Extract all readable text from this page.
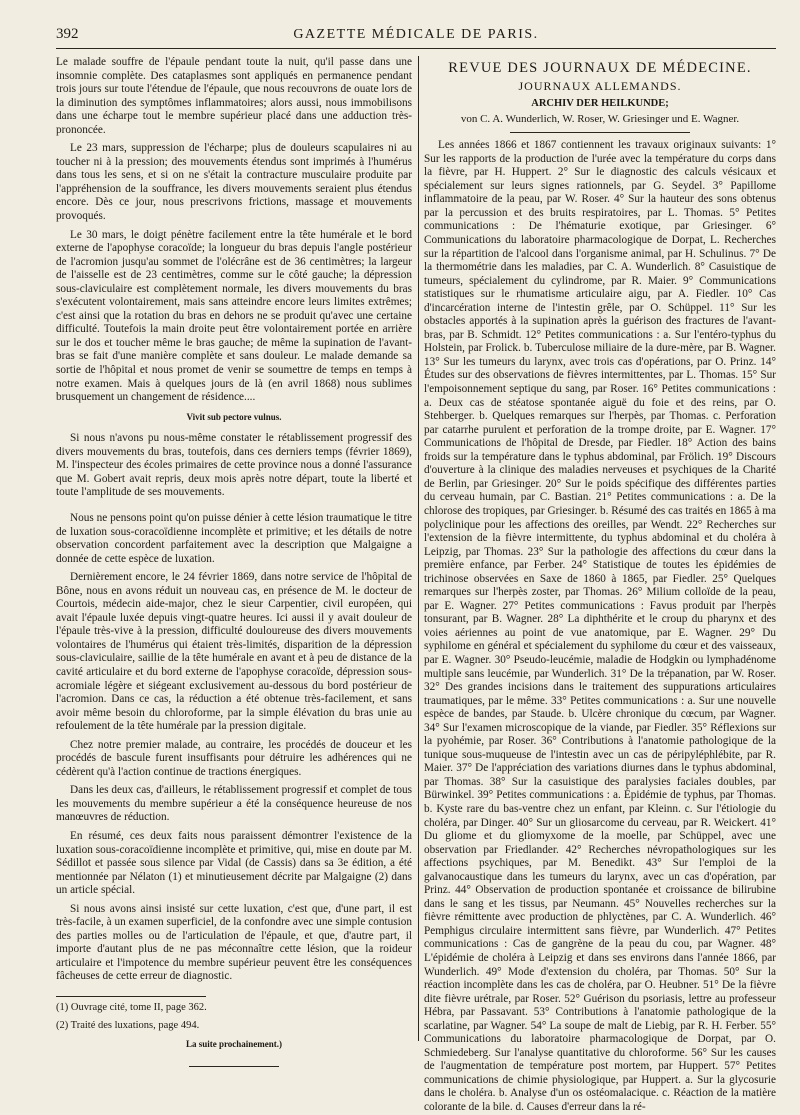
392	GAZETTE MÉDICALE DE PARIS.

Le malade souffre de l'épaule pendant toute la nuit, qu'il passe dans une insomnie complète. Des cataplasmes sont appliqués en permanence pendant trois jours sur toute l'étendue de l'épaule, que nous recouvrons de ouate lors de la diminution des symptômes inflammatoires; alors aussi, nous immobilisons dans une écharpe tout le membre supérieur placé dans une adduction très-prononcée.

Le 23 mars, suppression de l'écharpe; plus de douleurs scapulaires ni au toucher ni à la pression; des mouvements étendus sont imprimés à l'humérus dans tous les sens, et si on ne s'était la contracture musculaire produite par l'appréhension de la souffrance, les divers mouvements seraient plus étendus encore. Dès ce jour, nous prescrivons frictions, massage et mouvements provoqués.

Le 30 mars, le doigt pénètre facilement entre la tête humérale et le bord externe de l'apophyse coracoïde; la longueur du bras depuis l'angle postérieur de l'acromion jusqu'au sommet de l'olécrâne est de 36 centimètres; la largeur de l'aisselle est de 23 centimètres, comme sur le côté gauche; la dépression sous-claviculaire est complètement normale, les divers mouvements du bras s'exécutent volontairement, mais sans atteindre encore leurs limites extrêmes; c'est ainsi que la rotation du bras en dehors ne se produit qu'avec une certaine difficulté. Toutefois la main droite peut être volontairement portée en arrière sur le dos et toucher même le bras gauche; de même la supination de l'avant-bras se fait d'une manière complète et sans douleur. Le malade demande sa sortie de l'hôpital et nous promet de venir se soumettre de temps en temps à notre examen. Mais à quelques jours de là (en avril 1868) nous sublimes brusquement un changement de résidence....

Vivit sub pectore vulnus.

Si nous n'avons pu nous-même constater le rétablissement progressif des divers mouvements du bras, toutefois, dans ces derniers temps (février 1869), M. l'inspecteur des écoles primaires de cette province nous a donné l'assurance que M. Gobert avait repris, deux mois après notre départ, toute la liberté et toute l'amplitude de ses mouvements.

Nous ne pensons point qu'on puisse dénier à cette lésion traumatique le titre de luxation sous-coracoïdienne incomplète et primitive; et les détails de notre observation concordent parfaitement avec la description que Malgaigne a donnée de cette espèce de luxation.

Dernièrement encore, le 24 février 1869, dans notre service de l'hôpital de Bône, nous en avons réduit un nouveau cas, en présence de M. le docteur de Courtois, médecin aide-major, chez le sieur Carpentier, civil européen, qui avait l'épaule luxée depuis vingt-quatre heures. Ici aussi il y avait douleur de l'épaule très-vive à la pression, difficulté douloureuse des divers mouvements volontaires de l'humérus qui étaient très-limités, disparition de la dépression sous-claviculaire, saillie de la tête humérale en avant et à peu de distance de la cavité articulaire et du bord externe de l'apophyse coracoïde, dépression sous-acromiale légère et siégeant exclusivement au-dessous du bord postérieur de l'acromion. Dans ce cas, la réduction a été obtenue très-facilement, et sans avoir même besoin du chloroforme, par la simple élévation du bras unie au refoulement de la tête humérale par la pression digitale.

Chez notre premier malade, au contraire, les procédés de douceur et les procédés de bascule furent insuffisants pour détruire les adhérences qui ne cédèrent qu'à l'action continue de tractions énergiques.

Dans les deux cas, d'ailleurs, le rétablissement progressif et complet de tous les mouvements du membre supérieur a été la conséquence heureuse de nos manœuvres de réduction.

En résumé, ces deux faits nous paraissent démontrer l'existence de la luxation sous-coracoïdienne incomplète et primitive, qui, mise en doute par M. Sédillot et passée sous silence par Vidal (de Cassis) dans sa 3e édition, a été mentionnée par Nélaton (1) et minutieusement décrite par Malgaigne (2) dans un article spécial.

Si nous avons ainsi insisté sur cette luxation, c'est que, d'une part, il est très-facile, à un examen superficiel, de la confondre avec une simple contusion des parties molles ou de l'articulation de l'épaule, et que, d'autre part, il importe d'autant plus de ne pas méconnaître cette lésion, que la roideur articulaire et l'impotence du membre supérieur peuvent être les conséquences fâcheuses de cette erreur de diagnostic.

(1) Ouvrage cité, tome II, page 362.

(2) Traité des luxations, page 494.

La suite prochainement.)
REVUE DES JOURNAUX DE MÉDECINE.
JOURNAUX ALLEMANDS.
ARCHIV DER HEILKUNDE;
von C. A. Wunderlich, W. Roser, W. Griesinger und E. Wagner.

Les années 1866 et 1867 contiennent les travaux originaux suivants: 1° Sur les rapports de la production de l'urée avec la température du corps dans la fièvre, par H. Huppert. 2° Sur le diagnostic des calculs vésicaux et spécialement sur leurs signes rationnels, par G. Seydel. 3° Papillome inflammatoire de la peau, par W. Roser. 4° Sur la hauteur des sons obtenus par la percussion et des bruits respiratoires, par L. Thomas. 5° Petites communications : De l'hématurie exotique, par Griesinger. 6° Communications du laboratoire pharmacologique de Dorpat, L. Recherches sur la répartition de l'alcool dans l'organisme animal, par H. Schulinus. 7° De la thermométrie dans les maladies, par C. A. Wunderlich. 8° Casuistique de tumeurs, spécialement du cylindrome, par R. Maier. 9° Communications statistiques sur le rhumatisme articulaire aigu, par A. Fiedler. 10° Cas d'incarcération interne de l'intestin grêle, par O. Schüppel. 11° Sur les obstacles apportés à la supination après la guérison des fractures de l'avant-bras, par B. Schmidt. 12° Petites communications : a. Sur l'entéro-typhus du Holstein, par Frolick. b. Tuberculose miliaire de la dure-mère, par B. Wagner. 13° Sur les tumeurs du larynx, avec trois cas d'opérations, par O. Prinz. 14° Études sur des observations de fièvres intermittentes, par L. Thomas. 15° Sur l'empoisonnement septique du sang, par Roser. 16° Petites communications : a. Deux cas de stéatose spontanée aiguë du foie et des reins, par O. Stehberger. b. Quelques remarques sur l'herpès, par Thomas. c. Perforation par catarrhe purulent et perforation de la trompe droite, par E. Wagner. 17° Communications de l'hôpital de Dresde, par Fiedler. 18° Action des bains froids sur la température dans le typhus abdominal, par Frölich. 19° Discours d'ouverture à la clinique des maladies nerveuses et psychiques de la Charité de Berlin, par Griesinger. 20° Sur le poids spécifique des différentes parties du cerveau humain, par C. Bastian. 21° Petites communications : a. De la chlorose des tropiques, par Griesinger. b. Résumé des cas traités en 1865 à ma polyclinique pour les affections des oreilles, par Wendt. 22° Recherches sur l'extension de la fièvre intermittente, du typhus abdominal et du choléra à Leipzig, par Thomas. 23° Sur la pathologie des affections du cœur dans la première enfance, par Ferber. 24° Statistique de toutes les épidémies de trichinose observées en Saxe de 1860 à 1865, par Fiedler. 25° Quelques remarques sur l'herpès zoster, par Thomas. 26° Milium colloïde de la peau, par E. Wagner. 27° Petites communications : Favus produit par l'herpès tonsurant, par B. Wagner. 28° La diphthérite et le croup du pharynx et des voies aériennes au point de vue anatomique, par E. Wagner. 29° Du syphilome en général et spécialement du syphilome du cœur et des vaisseaux, par E. Wagner. 30° Pseudo-leucémie, maladie de Hodgkin ou lymphadénome multiple sans leucémie, par Wunderlich. 31° De la trépanation, par W. Roser. 32° Des grandes incisions dans le traitement des suppurations articulaires traumatiques, par le même. 33° Petites communications : a. Sur une nouvelle espèce de bandes, par Staude. b. Ulcère chronique du cœcum, par Wagner. 34° Sur l'examen microscopique de la viande, par Fiedler. 35° Réflexions sur la pyohémie, par Roser. 36° Contributions à l'anatomie pathologique de la tunique sous-muqueuse de l'intestin avec un cas de péripyléphlébite, par R. Maier. 37° De l'appréciation des variations diurnes dans le typhus abdominal, par Thomas. 38° Sur la casuistique des paralysies faciales doubles, par Bürwinkel. 39° Petites communications : a. Épidémie de typhus, par Thomas. b. Kyste rare du bas-ventre chez un enfant, par Kleinn. c. Sur l'étiologie du choléra, par Dinger. 40° Sur un gliosarcome du cerveau, par R. Weickert. 41° Du gliome et du gliomyxome de la moelle, par Schüppel, avec une observation par Friedlander. 42° Recherches névropathologiques sur les affections psychiques, par M. Benedikt. 43° Sur l'emploi de la galvanocaustique dans les tumeurs du larynx, avec un cas d'opération, par Prinz. 44° Observation de production spontanée et croissance de bilirubine dans le sang et les tissus, par Neumann. 45° Nouvelles recherches sur la fièvre rémittente avec production de phlyctènes, par C. A. Wunderlich. 46° Pemphigus circulaire intermittent sans fièvre, par Wunderlich. 47° Petites communications : Cas de gangrène de la peau du cou, par Wagner. 48° L'épidémie de choléra à Leipzig et dans ses environs dans l'année 1866, par Wunderlich. 49° Mode d'extension du choléra, par Thomas. 50° Sur la réaction incomplète dans les cas de choléra, par O. Heubner. 51° De la fièvre dite fièvre urétrale, par Roser. 52° Guérison du psoriasis, lettre au professeur Hébra, par Passavant. 53° Contributions à l'anatomie pathologique de la scarlatine, par Wagner. 54° La soupe de malt de Liebig, par R. H. Ferber. 55° Communications du laboratoire pharmacologique de Dorpat, par O. Schmiedeberg. Sur l'analyse quantitative du chloroforme. 56° Sur les causes de l'augmentation de température post mortem, par Huppert. 57° Petites communications de chimie physiologique, par Huppert. a. Sur la glycosurie dans le choléra. b. Analyse d'un os ostéomalacique. c. Réaction de la matière colorante de la bile. d. Causes d'erreur dans la ré-
